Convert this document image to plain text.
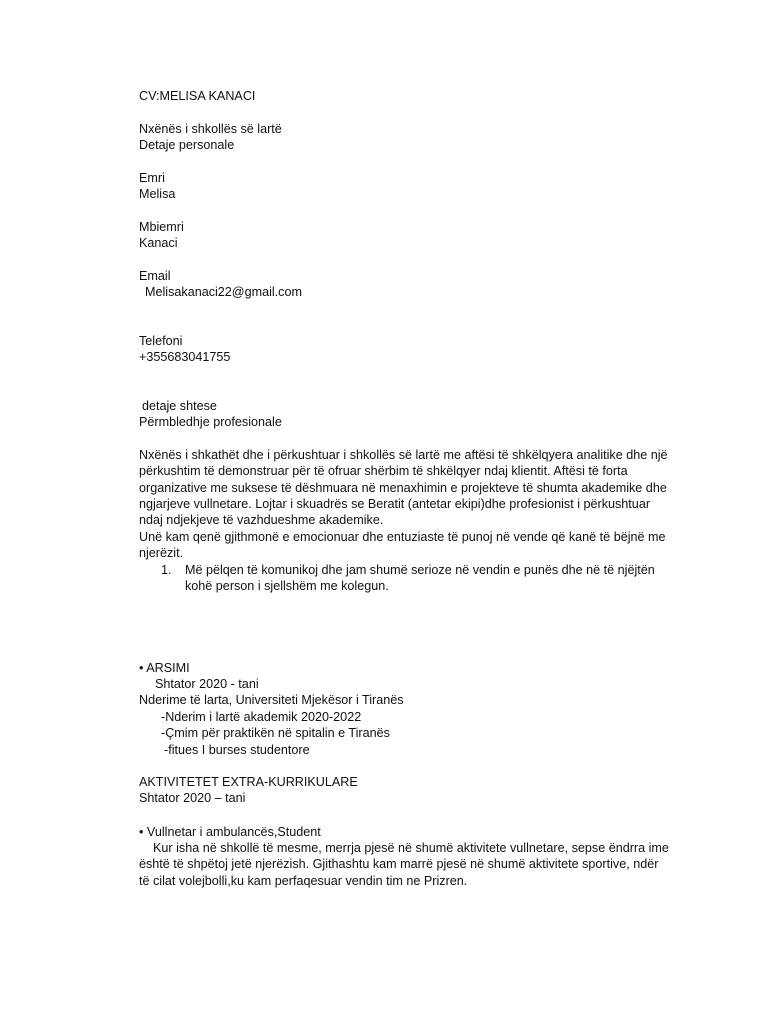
CV:MELISA KANACI
Nxënës i shkollës së lartë
Detaje personale
Emri
Melisa
Mbiemri
Kanaci
Email
Melisakanaci22@gmail.com
Telefoni
+355683041755
detaje shtese
Përmbledhje profesionale
Nxënës i shkathët dhe i përkushtuar i shkollës së lartë me aftësi të shkëlqyera analitike dhe një përkushtim të demonstruar për të ofruar shërbim të shkëlqyer ndaj klientit. Aftësi të forta organizative me suksese të dëshmuara në menaxhimin e projekteve të shumta akademike dhe ngjarjeve vullnetare. Lojtar i skuadrës se Beratit (antetar ekipi)dhe profesionist i përkushtuar ndaj ndjekjeve të vazhdueshme akademike.
Unë kam qenë gjithmonë e emocionuar dhe entuziaste të punoj në vende që kanë të bëjnë me njerëzit.
1. Më pëlqen të komunikoj dhe jam shumë serioze në vendin e punës dhe në të njëjtën kohë person i sjellshëm me kolegun.
• ARSIMI
Shtator 2020 - tani
Nderime të larta, Universiteti Mjekësor i Tiranës
-Nderim i lartë akademik 2020-2022
-Çmim për praktikën në spitalin e Tiranës
-fitues I burses studentore
AKTIVITETET EXTRA-KURRIKULARE
Shtator 2020 – tani
• Vullnetar i ambulancës,Student
Kur isha në shkollë të mesme, merrja pjesë në shumë aktivitete vullnetare, sepse ëndrra ime është të shpëtoj jetë njerëzish. Gjithashtu kam marrë pjesë në shumë aktivitete sportive, ndër të cilat volejbolli,ku kam perfaqesuar vendin tim ne Prizren.
